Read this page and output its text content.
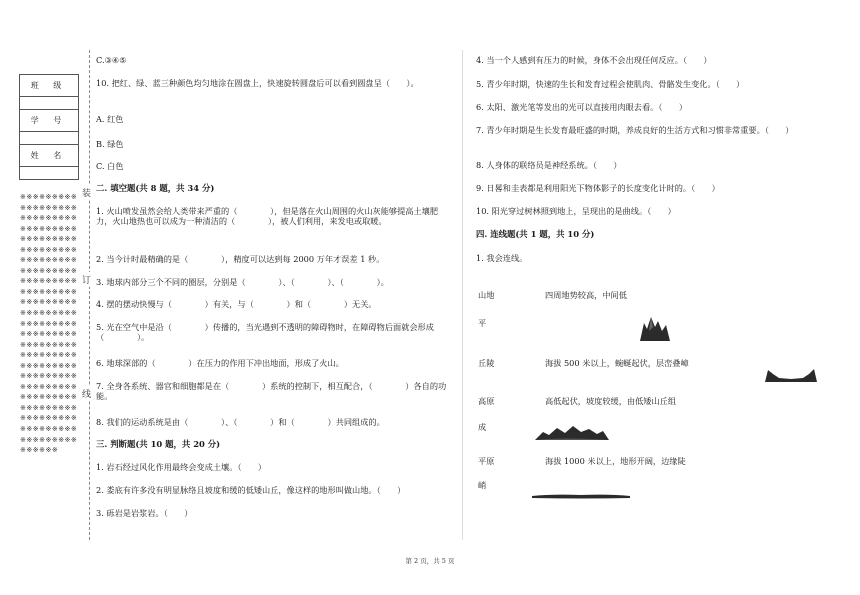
班 级

学 号

姓 名

※※※※※※※※※※※※※※※※※※※※※※※※※※※※※※※※※※※※※※※※※※※※※※※※※※※※※※※※※※※※※※※※※※※※※※※※※※※※※※※※※※※※※※※※※※※※※※※※※※※※※※※※※※※※※※※※※※※※※※※※※※※※※※※※※※※※※※※※※※※※※※※※※※※※※※※※※※※※※※※※※※※※※※※※※※※※※※※※※※※※※※※※※※※※※※※※※※※※※※※※※※※※※※※※※※※※※※※※※※※※※※
装
订
线
C.③④⑤
10. 把红、绿、蓝三种颜色均匀地涂在圆盘上，快速旋转圆盘后可以看到圆盘呈（　　）。
A. 红色
B. 绿色
C. 白色
二. 填空题(共 8 题，共 34 分)
1. 火山喷发虽然会给人类带来严重的（　　　　），但是落在火山周围的火山灰能够提高土壤肥力，火山地热也可以成为一种清洁的（　　　　），被人们利用，来发电或取暖。
2. 当今计时最精确的是（　　　　），精度可以达到每 2000 万年才误差 1 秒。
3. 地球内部分三个不同的圈层，分别是（　　　　）、（　　　　）、（　　　　）。
4. 摆的摆动快慢与（　　　　）有关，与（　　　　）和（　　　　）无关。
5. 光在空气中是沿（　　　　）传播的，当光遇到不透明的障碍物时，在障碍物后面就会形成（　　　　）。
6. 地球深部的（　　　　）在压力的作用下冲出地面，形成了火山。
7. 全身各系统、器官和细胞都是在（　　　　）系统的控制下，相互配合，（　　　　）各自的功能。
8. 我们的运动系统是由（　　　　）、（　　　　）和（　　　　）共同组成的。
三. 判断题(共 10 题，共 20 分)
1. 岩石经过风化作用最终会变成土壤。（　　）
2. 娄底有许多没有明显脉络且坡度和缓的低矮山丘，像这样的地形叫做山地。（　　）
3. 砾岩是岩浆岩。（　　）
4. 当一个人感到有压力的时候，身体不会出现任何反应。（　　）
5. 青少年时期，快速的生长和发育过程会使肌肉、骨骼发生变化。（　　）
6. 太阳、激光笔等发出的光可以直接用肉眼去看。（　　）
7. 青少年时期是生长发育最旺盛的时期，养成良好的生活方式和习惯非常重要。（　　）
8. 人身体的联络员是神经系统。（　　）
9. 日晷和圭表都是利用阳光下物体影子的长度变化计时的。（　　）
10. 阳光穿过树林照到地上，呈现出的是曲线。（　　）
四. 连线题(共 1 题，共 10 分)
1. 我会连线。
山地
平
丘陵
高原
成
平原
峭
四周地势较高，中间低
海拔 500 米以上，蜿蜒起伏，层峦叠嶂
高低起伏，坡度较缓，由低矮山丘组
海拔 1000 米以上，地形开阔，边缘陡
第 2 页，共 5 页
